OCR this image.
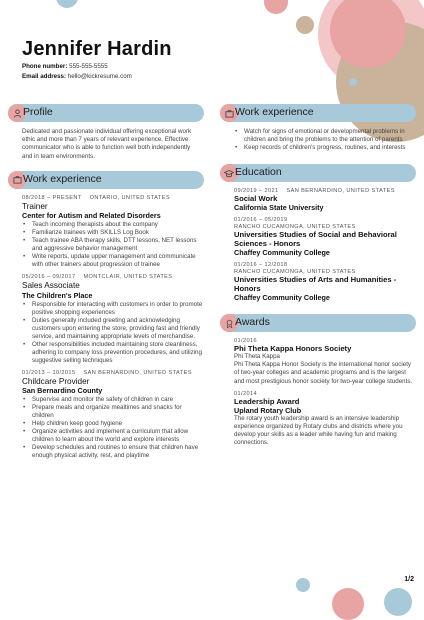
Jennifer Hardin
Phone number: 555-555-5555
Email address: hello@kickresume.com
Profile
Dedicated and passionate individual offering exceptional work ethic and more than 7 years of relevant experience. Effective communicator who is able to function well both independently and in team environments.
Work experience
08/2018 – PRESENT ONTARIO, UNITED STATES
Trainer
Center for Autism and Related Disorders
• Teach incoming therapists about the company
• Familiarize trainees with SKILLS Log Book
• Teach trainee ABA therapy skills, DTT lessons, NET lessons and aggressive behavior management
• Write reports, update upper management and communicate with other trainers about progression of trainee
05/2016 – 09/2017 MONTCLAIR, UNITED STATES
Sales Associate
The Children's Place
• Responsible for interacting with customers in order to promote positive shopping experiences
• Duties generally included greeting and acknowledging customers upon entering the store, providing fast and friendly service, and maintaining appropriate levels of merchandise.
• Other responsibilities included maintaining store cleanliness, adhering to company loss prevention procedures, and utilizing suggestive selling techniques
01/2013 – 10/2015 SAN BERNARDINO, UNITED STATES
Childcare Provider
San Bernardino County
• Supervise and monitor the safety of children in care
• Prepare meals and organize mealtimes and snacks for children
• Help children keep good hygiene
• Organize activities and implement a curriculum that allow children to learn about the world and explore interests
• Develop schedules and routines to ensure that children have enough physical activity, rest, and playtime
Work experience
• Watch for signs of emotional or developmental problems in children and bring the problems to the attention of parents
• Keep records of children's progress, routines, and interests
Education
09/2019 – 2021 SAN BERNARDINO, UNITED STATES
Social Work
California State University
01/2016 – 05/2019
RANCHO CUCAMONGA, UNITED STATES
Universities Studies of Social and Behavioral Sciences - Honors
Chaffey Community College
01/2016 – 12/2018
RANCHO CUCAMONGA, UNITED STATES
Universities Studies of Arts and Humanities - Honors
Chaffey Community College
Awards
01/2016
Phi Theta Kappa Honors Society
Phi Theta Kappa
Phi Theta Kappa Honor Society is the international honor society of two-year colleges and academic programs and is the largest and most prestigious honor society for two-year college students.
01/2014
Leadership Award
Upland Rotary Club
The rotary youth leadership award is an intensive leadership experience organized by Rotary clubs and districts where you develop your skills as a leader while having fun and making connections.
1/2
